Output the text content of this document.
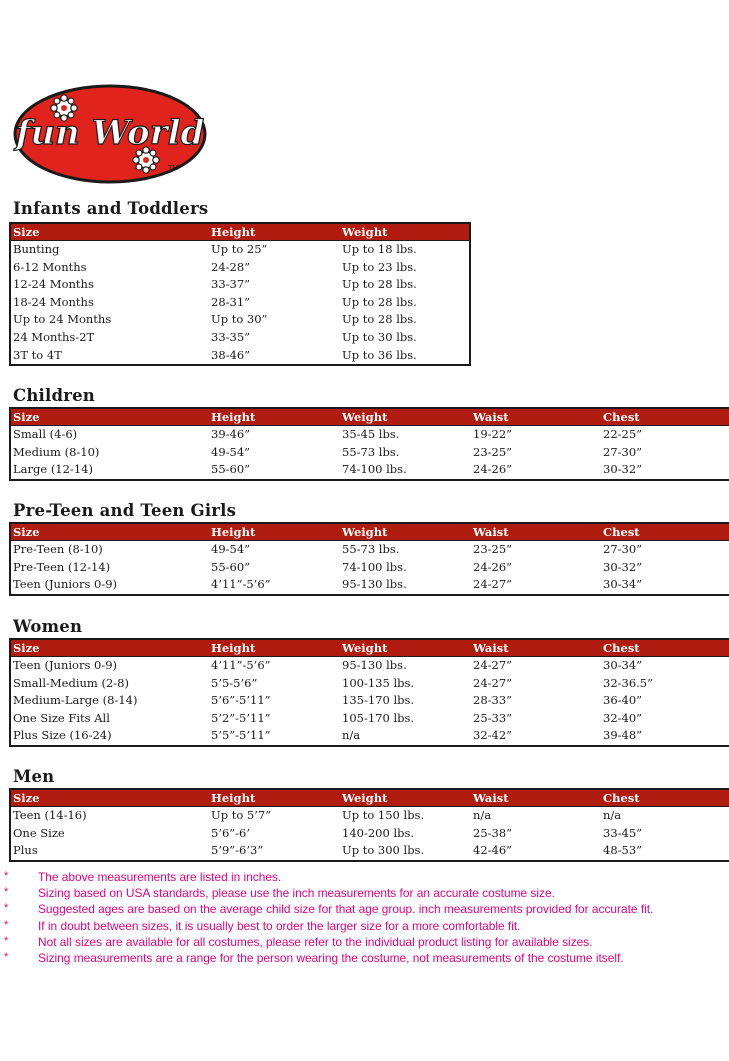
fun World
TM
Infants and Toddlers
Size	Height	Weight
Bunting	Up to 25”	Up to 18 lbs.
6-12 Months	24-28”	Up to 23 lbs.
12-24 Months	33-37”	Up to 28 lbs.
18-24 Months	28-31”	Up to 28 lbs.
Up to 24 Months	Up to 30”	Up to 28 lbs.
24 Months-2T	33-35”	Up to 30 lbs.
3T to 4T	38-46”	Up to 36 lbs.
Children
Size	Height	Weight	Waist	Chest
Small (4-6)	39-46”	35-45 lbs.	19-22”	22-25”
Medium (8-10)	49-54”	55-73 lbs.	23-25”	27-30”
Large (12-14)	55-60”	74-100 lbs.	24-26”	30-32”
Pre-Teen and Teen Girls
Size	Height	Weight	Waist	Chest
Pre-Teen (8-10)	49-54”	55-73 lbs.	23-25”	27-30”
Pre-Teen (12-14)	55-60”	74-100 lbs.	24-26”	30-32”
Teen (Juniors 0-9)	4’11”-5’6”	95-130 lbs.	24-27”	30-34”
Women
Size	Height	Weight	Waist	Chest
Teen (Juniors 0-9)	4’11”-5’6”	95-130 lbs.	24-27”	30-34”
Small-Medium (2-8)	5’5-5’6”	100-135 lbs.	24-27”	32-36.5”
Medium-Large (8-14)	5’6”-5’11”	135-170 lbs.	28-33”	36-40”
One Size Fits All	5’2”-5’11”	105-170 lbs.	25-33”	32-40”
Plus Size (16-24)	5’5”-5’11”	n/a	32-42”	39-48”
Men
Size	Height	Weight	Waist	Chest
Teen (14-16)	Up to 5’7”	Up to 150 lbs.	n/a	n/a
One Size	5’6”-6’	140-200 lbs.	25-38”	33-45”
Plus	5’9”-6’3”	Up to 300 lbs.	42-46”	48-53”
*	The above measurements are listed in inches.
*	Sizing based on USA standards, please use the inch measurements for an accurate costume size.
*	Suggested ages are based on the average child size for that age group. inch measurements provided for accurate fit.
*	If in doubt between sizes, it is usually best to order the larger size for a more comfortable fit.
*	Not all sizes are available for all costumes, please refer to the individual product listing for available sizes.
*	Sizing measurements are a range for the person wearing the costume, not measurements of the costume itself.
